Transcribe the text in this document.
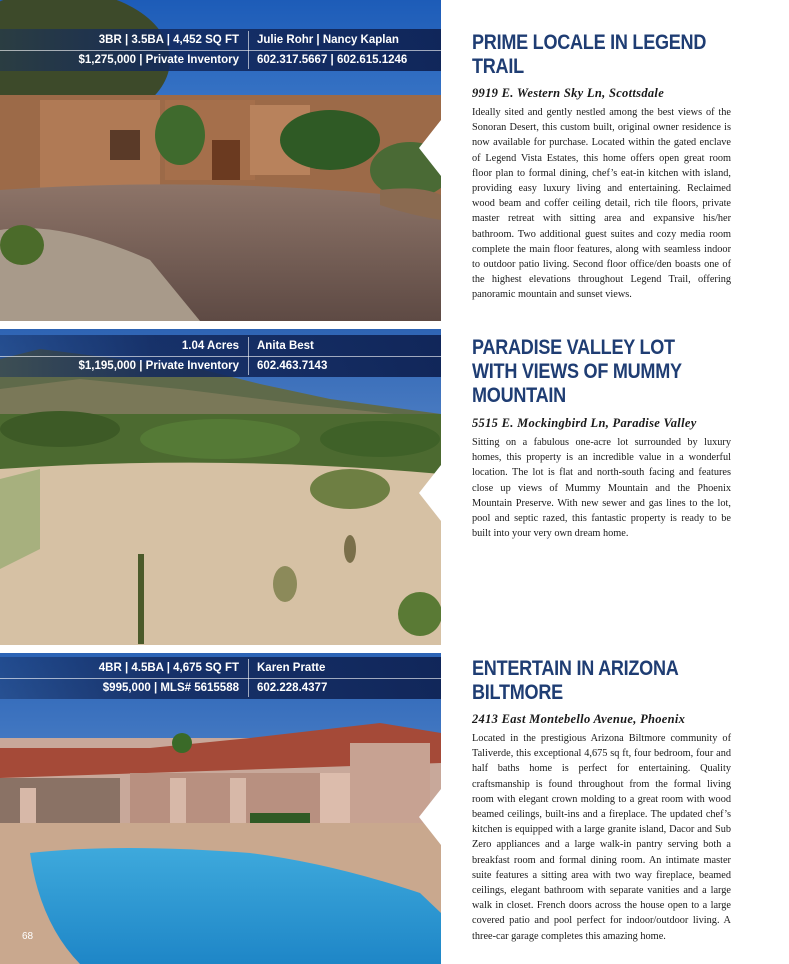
3BR | 3.5BA | 4,452 SQ FT Julie Rohr | Nancy Kaplan
$1,275,000 | Private Inventory 602.317.5667 | 602.615.1246
PRIME LOCALE IN LEGEND TRAIL
9919 E. Western Sky Ln, Scottsdale
Ideally sited and gently nestled among the best views of the Sonoran Desert, this custom built, original owner residence is now available for purchase. Located within the gated enclave of Legend Vista Estates, this home offers open great room floor plan to formal dining, chef’s eat-in kitchen with island, providing easy luxury living and entertaining. Reclaimed wood beam and coffer ceiling detail, rich tile floors, private master retreat with sitting area and expansive his/her bathroom. Two additional guest suites and cozy media room complete the main floor features, along with seamless indoor to outdoor patio living. Second floor office/den boasts one of the highest elevations throughout Legend Trail, offering panoramic mountain and sunset views.
1.04 Acres Anita Best
$1,195,000 | Private Inventory 602.463.7143
PARADISE VALLEY LOT WITH VIEWS OF MUMMY MOUNTAIN
5515 E. Mockingbird Ln, Paradise Valley
Sitting on a fabulous one-acre lot surrounded by luxury homes, this property is an incredible value in a wonderful location. The lot is flat and north-south facing and features close up views of Mummy Mountain and the Phoenix Mountain Preserve. With new sewer and gas lines to the lot, pool and septic razed, this fantastic property is ready to be built into your very own dream home.
4BR | 4.5BA | 4,675 SQ FT Karen Pratte
$995,000 | MLS# 5615588 602.228.4377
ENTERTAIN IN ARIZONA BILTMORE
2413 East Montebello Avenue, Phoenix
Located in the prestigious Arizona Biltmore community of Taliverde, this exceptional 4,675 sq ft, four bedroom, four and half baths home is perfect for entertaining. Quality craftsmanship is found throughout from the formal living room with elegant crown molding to a great room with wood beamed ceilings, built-ins and a fireplace. The updated chef’s kitchen is equipped with a large granite island, Dacor and Sub Zero appliances and a large walk-in pantry serving both a breakfast room and formal dining room. An intimate master suite features a sitting area with two way fireplace, beamed ceilings, elegant bathroom with separate vanities and a large walk in closet. French doors across the house open to a large covered patio and pool perfect for indoor/outdoor living. A three-car garage completes this amazing home.
68
